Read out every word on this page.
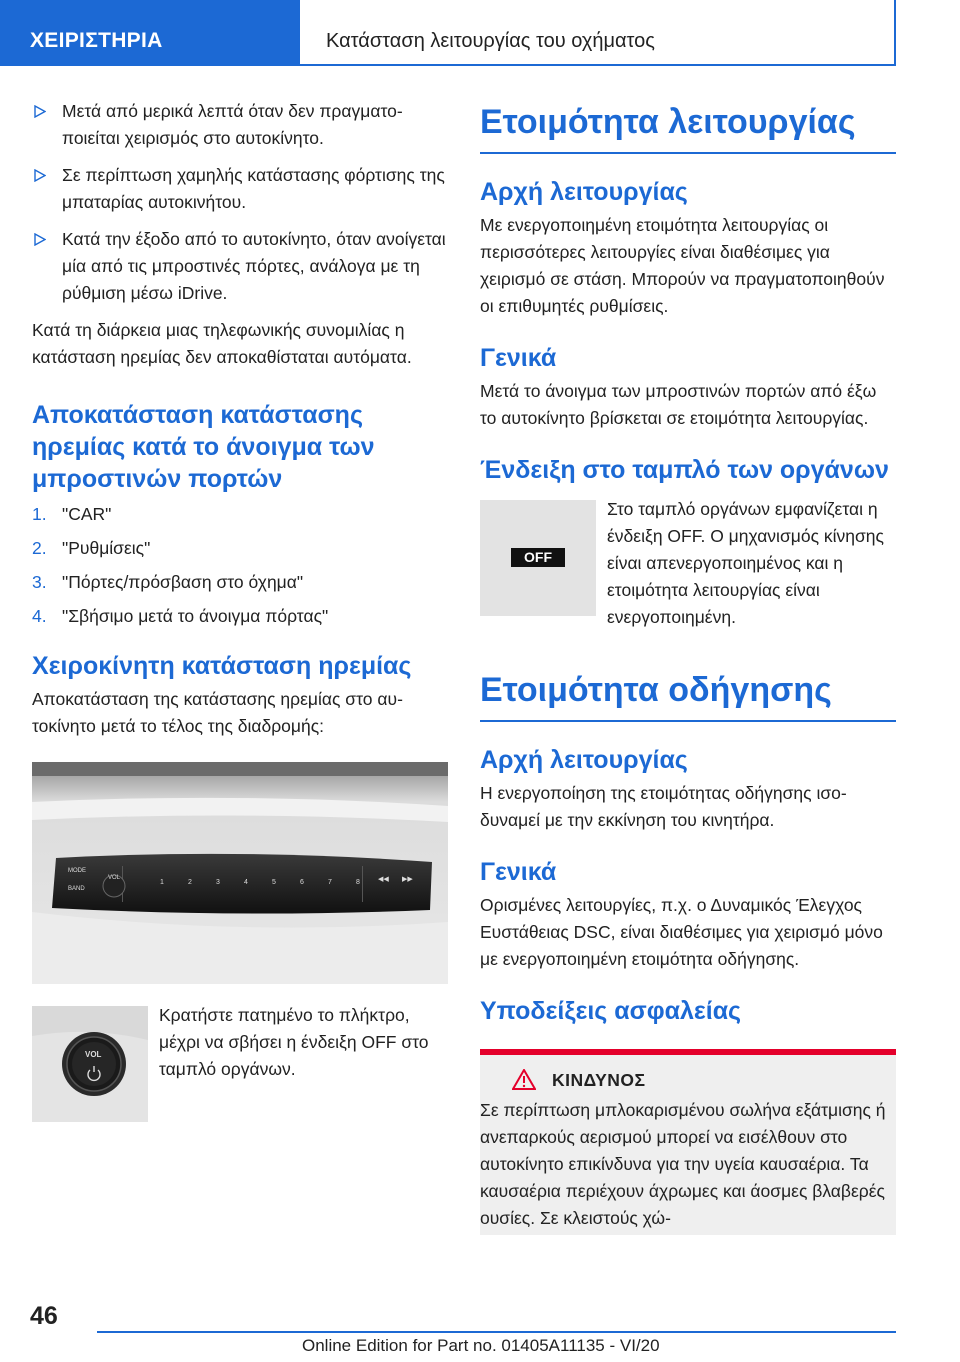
ΧΕΙΡΙΣΤΗΡΙΑ	Κατάσταση λειτουργίας του οχήματος
Μετά από μερικά λεπτά όταν δεν πραγματοποιείται χειρισμός στο αυτοκίνητο.
Σε περίπτωση χαμηλής κατάστασης φόρτισης της μπαταρίας αυτοκινήτου.
Κατά την έξοδο από το αυτοκίνητο, όταν ανοίγεται μία από τις μπροστινές πόρτες, ανάλογα με τη ρύθμιση μέσω iDrive.

Κατά τη διάρκεια μιας τηλεφωνικής συνομιλίας η κατάσταση ηρεμίας δεν αποκαθίσταται αυτόματα.

Αποκατάσταση κατάστασης ηρεμίας κατά το άνοιγμα των μπροστινών πορτών
1. "CAR"
2. "Ρυθμίσεις"
3. "Πόρτες/πρόσβαση στο όχημα"
4. "Σβήσιμο μετά το άνοιγμα πόρτας"
Χειροκίνητη κατάσταση ηρεμίας

Αποκατάσταση της κατάστασης ηρεμίας στο αυτοκίνητο μετά το τέλος της διαδρομής:

MODE
BAND
VOL
1	2	3	4	5	6	7	8	◀◀ ▶▶
VOL
Κρατήστε πατημένο το πλήκτρο, μέχρι να σβήσει η ένδειξη OFF στο ταμπλό οργάνων.
Ετοιμότητα λειτουργίας
Αρχή λειτουργίας

Με ενεργοποιημένη ετοιμότητα λειτουργίας οι περισσότερες λειτουργίες είναι διαθέσιμες για χειρισμό σε στάση. Μπορούν να πραγματοποιηθούν οι επιθυμητές ρυθμίσεις.

Γενικά

Μετά το άνοιγμα των μπροστινών πορτών από έξω το αυτοκίνητο βρίσκεται σε ετοιμότητα λειτουργίας.

Ένδειξη στο ταμπλό των οργάνων
OFF
Στο ταμπλό οργάνων εμφανίζεται η ένδειξη OFF. Ο μηχανισμός κίνησης είναι απενεργοποιημένος και η ετοιμότητα λειτουργίας είναι ενεργοποιημένη.
Ετοιμότητα οδήγησης
Αρχή λειτουργίας

Η ενεργοποίηση της ετοιμότητας οδήγησης ισοδυναμεί με την εκκίνηση του κινητήρα.

Γενικά

Ορισμένες λειτουργίες, π.χ. ο Δυναμικός Έλεγχος Ευστάθειας DSC, είναι διαθέσιμες για χειρισμό μόνο με ενεργοποιημένη ετοιμότητα οδήγησης.

Υποδείξεις ασφαλείας
ΚΙΝΔΥΝΟΣ

Σε περίπτωση μπλοκαρισμένου σωλήνα εξάτμισης ή ανεπαρκούς αερισμού μπορεί να εισέλθουν στο αυτοκίνητο επικίνδυνα για την υγεία καυσαέρια. Τα καυσαέρια περιέχουν άχρωμες και άοσμες βλαβερές ουσίες. Σε κλειστούς χώ-

46
Online Edition for Part no. 01405A11135 - VI/20
